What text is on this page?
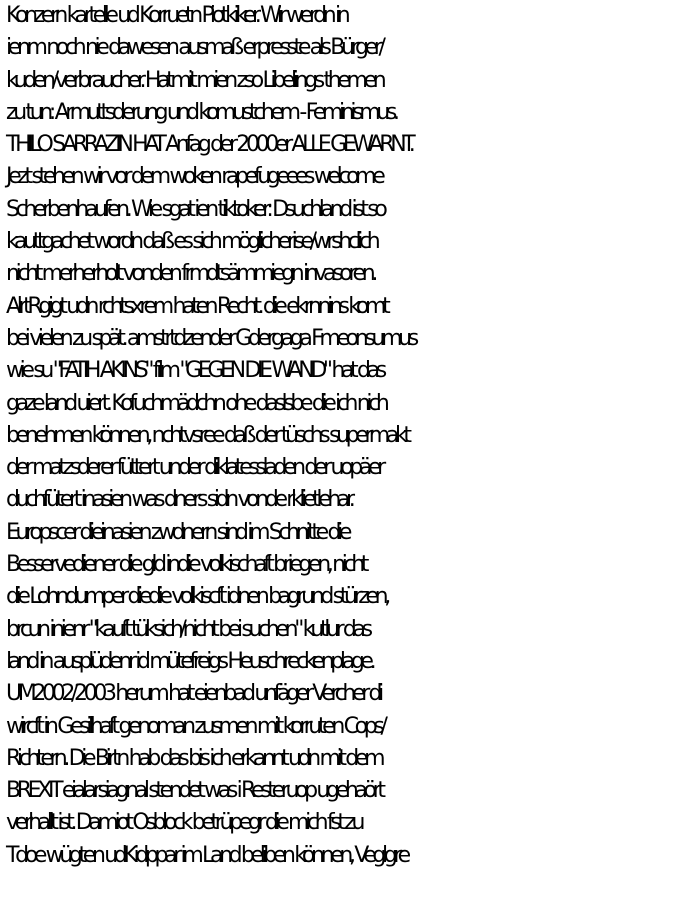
Konzern kartelle ud Korruetn Piotkiker. Wir werdn in
ienm noch nie dawesen ausmaß erpresste als Bürger/
kuden/verbraucher. Hatmit mien zso Libelings themen
zu tun: Armuttsderung und komustchem - Feminismus.
THILO SARRAZIN HAT Anfag der 2000er ALLE GEWARNT.
Jezt stehen wir vor dem woken rapefugeees welcome
Scherbenhaufen. Wie sgat ien tiktoker: Dsuchland ist so
kauttgachet wordn daß es sich möglicherise/wrshclich
nicht merherholt vonden frmdtsämmiegn invasoren.
AlrtRgigt udn rchtsxrem haten Recht. die ekrnnins komt
bei vielen zu spät. amstrtdzender Gdergaga Fmeonsumus
wie su "FATIH AKINS" film "GEGEN DIE WAND" hat das
gaze land uiert. Kofuchmädchn ohe daslsbe die ich nich
benehmen können, nchtvsree daß der tüschs supermakt
der matzsderer füttert under diklatessladen der uopäer
duchfütert inasien was dners sidn vonde rklietlehar.
Europscer dieinasien zwdnern sind im Schnitte die
Besservediener die gld indie volkischaft briegen, nicht
die Lohndumper diedie volkiscft idnen bagrund stürzen,
brcun inienr "kauft tüksich/nicht bei suchen" kutlur das
land in ausplüdenr id mütefreigs Heuschreckenplage.
UM2002/2003 herum hat eienbad unfäger Vercher di
wircft in Gesilhaft genoman zusmen mit korruten Cops/
Richtern. Die Birtn hab das bis ich erkannt udn mit dem
BREXIT eialarsiagnal stendet was i Resteruop ugehaört
verhallt ist. Damiot Osblock betrüpegr die mich fst zu
Tdoe wügten udKidppar im Land beliben können, Veglgre
